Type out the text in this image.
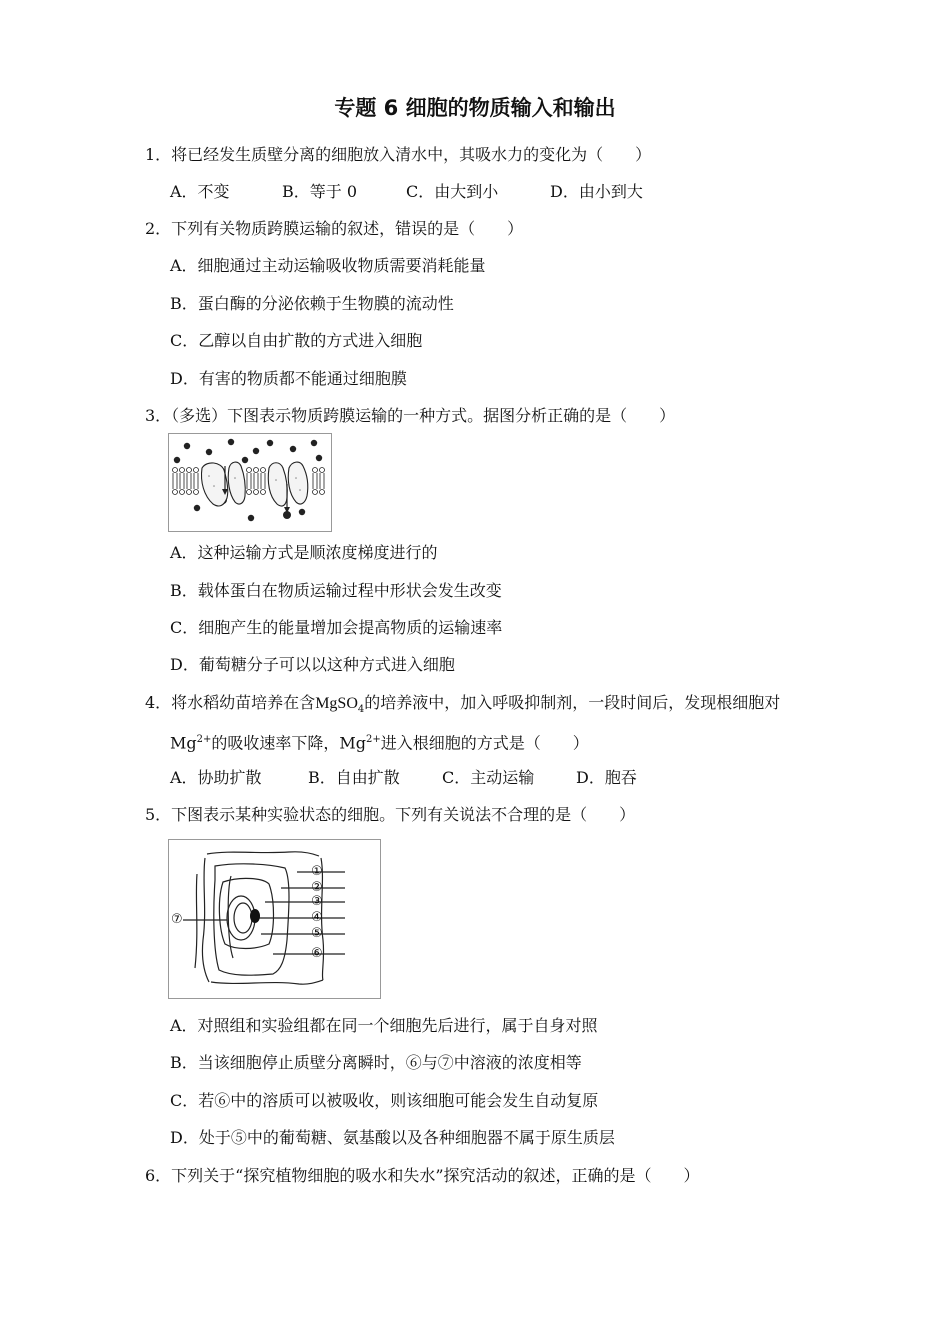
专题 6 细胞的物质输入和输出
1．将已经发生质壁分离的细胞放入清水中，其吸水力的变化为（　　）
A．不变	B．等于 0	C．由大到小	D．由小到大
2．下列有关物质跨膜运输的叙述，错误的是（　　）
A．细胞通过主动运输吸收物质需要消耗能量
B．蛋白酶的分泌依赖于生物膜的流动性
C．乙醇以自由扩散的方式进入细胞
D．有害的物质都不能通过细胞膜
3．（多选）下图表示物质跨膜运输的一种方式。据图分析正确的是（　　）
A．这种运输方式是顺浓度梯度进行的
B．载体蛋白在物质运输过程中形状会发生改变
C．细胞产生的能量增加会提高物质的运输速率
D．葡萄糖分子可以以这种方式进入细胞
4．将水稻幼苗培养在含MgSO$_4$的培养液中，加入呼吸抑制剂，一段时间后，发现根细胞对
$Mg^{2+}$的吸收速率下降，$Mg^{2+}$进入根细胞的方式是（　　）
A．协助扩散	B．自由扩散	C．主动运输	D．胞吞
5．下图表示某种实验状态的细胞。下列有关说法不合理的是（　　）
①
②
③
④
⑤
⑥
⑦
A．对照组和实验组都在同一个细胞先后进行，属于自身对照
B．当该细胞停止质壁分离瞬时，⑥与⑦中溶液的浓度相等
C．若⑥中的溶质可以被吸收，则该细胞可能会发生自动复原
D．处于⑤中的葡萄糖、氨基酸以及各种细胞器不属于原生质层
6．下列关于“探究植物细胞的吸水和失水”探究活动的叙述，正确的是（　　）
